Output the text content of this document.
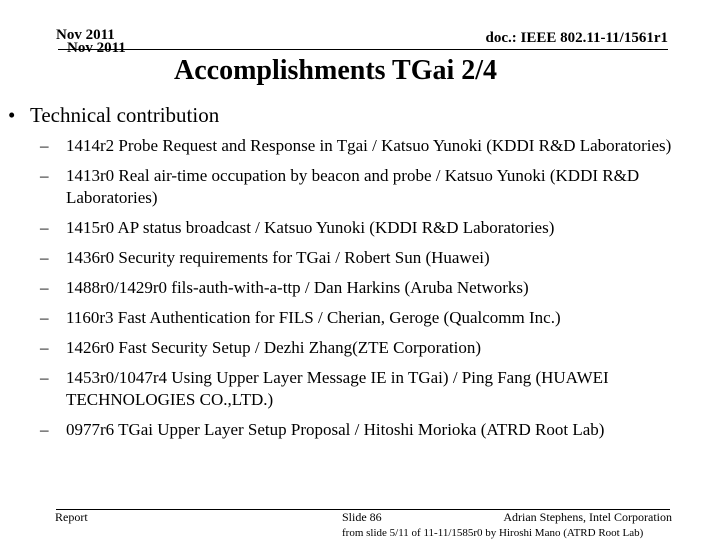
Nov 2011
Nov 2011
doc.: IEEE 802.11-11/1561r1
Accomplishments TGai 2/4
• Technical contribution
– 1414r2 Probe Request and Response in Tgai / Katsuo Yunoki (KDDI R&D Laboratories)
– 1413r0 Real air-time occupation by beacon and probe / Katsuo Yunoki (KDDI R&D Laboratories)
– 1415r0 AP status broadcast / Katsuo Yunoki (KDDI R&D Laboratories)
– 1436r0 Security requirements for TGai / Robert Sun (Huawei)
– 1488r0/1429r0 fils-auth-with-a-ttp / Dan Harkins (Aruba Networks)
– 1160r3 Fast Authentication for FILS / Cherian, Geroge (Qualcomm Inc.)
– 1426r0 Fast Security Setup / Dezhi Zhang(ZTE Corporation)
– 1453r0/1047r4 Using Upper Layer Message IE in TGai) / Ping Fang (HUAWEI TECHNOLOGIES CO.,LTD.)
– 0977r6 TGai Upper Layer Setup Proposal / Hitoshi Morioka (ATRD Root Lab)
Report	Slide 86	Adrian Stephens, Intel Corporation
from slide 5/11 of 11-11/1585r0 by Hiroshi Mano (ATRD Root Lab)
